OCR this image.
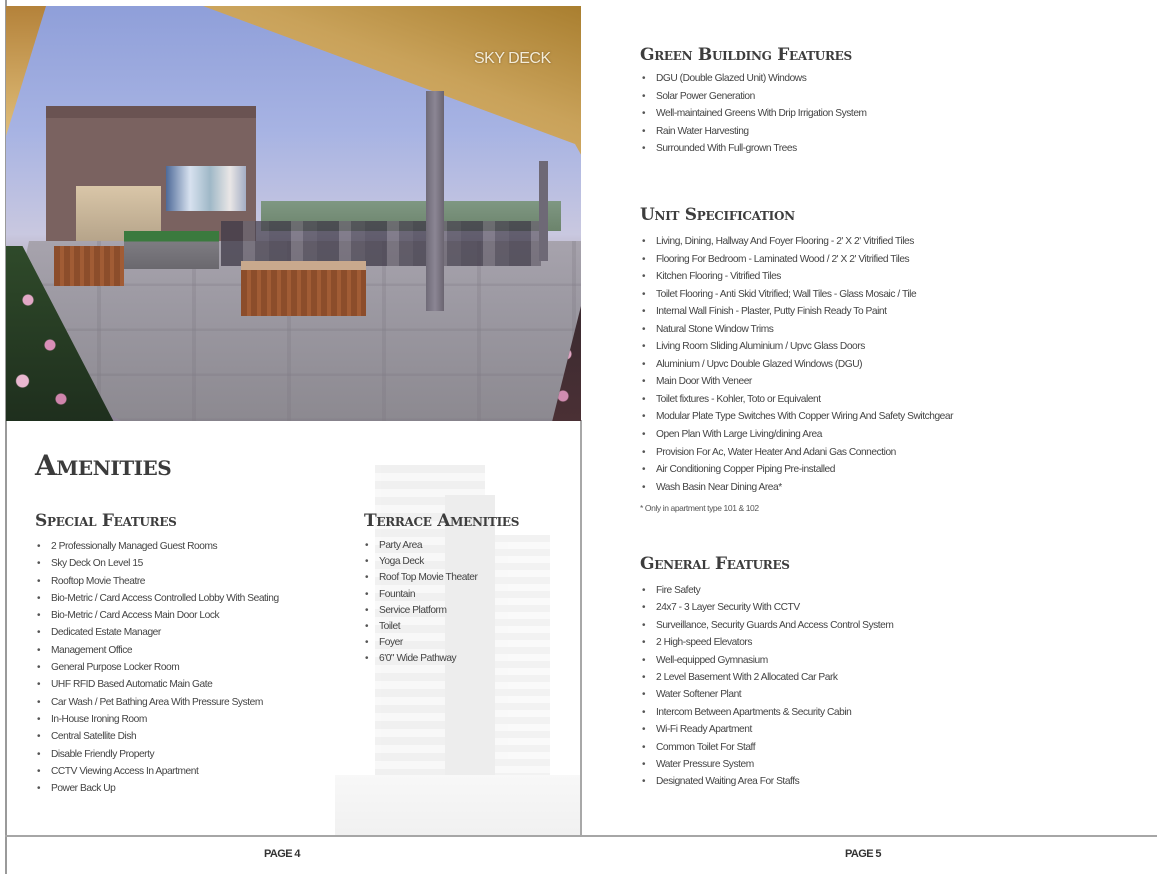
SKY DECK
Amenities
Special Features
• 2 Professionally Managed Guest Rooms
• Sky Deck On Level 15
• Rooftop Movie Theatre
• Bio-Metric / Card Access Controlled Lobby With Seating
• Bio-Metric / Card Access Main Door Lock
• Dedicated Estate Manager
• Management Office
• General Purpose Locker Room
• UHF RFID Based Automatic Main Gate
• Car Wash / Pet Bathing Area With Pressure System
• In-House Ironing Room
• Central Satellite Dish
• Disable Friendly Property
• CCTV Viewing Access In Apartment
• Power Back Up
Terrace Amenities
• Party Area
• Yoga Deck
• Roof Top Movie Theater
• Fountain
• Service Platform
• Toilet
• Foyer
• 6'0" Wide Pathway
PAGE 4
Green Building Features
• DGU (Double Glazed Unit) Windows
• Solar Power Generation
• Well-maintained Greens With Drip Irrigation System
• Rain Water Harvesting
• Surrounded With Full-grown Trees
Unit Specification
• Living, Dining, Hallway And Foyer Flooring - 2' X 2' Vitrified Tiles
• Flooring For Bedroom - Laminated Wood / 2' X 2' Vitrified Tiles
• Kitchen Flooring - Vitrified Tiles
• Toilet Flooring - Anti Skid Vitrified; Wall Tiles - Glass Mosaic / Tile
• Internal Wall Finish - Plaster, Putty Finish Ready To Paint
• Natural Stone Window Trims
• Living Room Sliding Aluminium / Upvc Glass Doors
• Aluminium / Upvc Double Glazed Windows (DGU)
• Main Door With Veneer
• Toilet fixtures - Kohler, Toto or Equivalent
• Modular Plate Type Switches With Copper Wiring And Safety Switchgear
• Open Plan With Large Living/dining Area
• Provision For Ac, Water Heater And Adani Gas Connection
• Air Conditioning Copper Piping Pre-installed
• Wash Basin Near Dining Area*
* Only in apartment type 101 & 102
General Features
• Fire Safety
• 24x7 - 3 Layer Security With CCTV
• Surveillance, Security Guards And Access Control System
• 2 High-speed Elevators
• Well-equipped Gymnasium
• 2 Level Basement With 2 Allocated Car Park
• Water Softener Plant
• Intercom Between Apartments & Security Cabin
• Wi-Fi Ready Apartment
• Common Toilet For Staff
• Water Pressure System
• Designated Waiting Area For Staffs
PAGE 5
